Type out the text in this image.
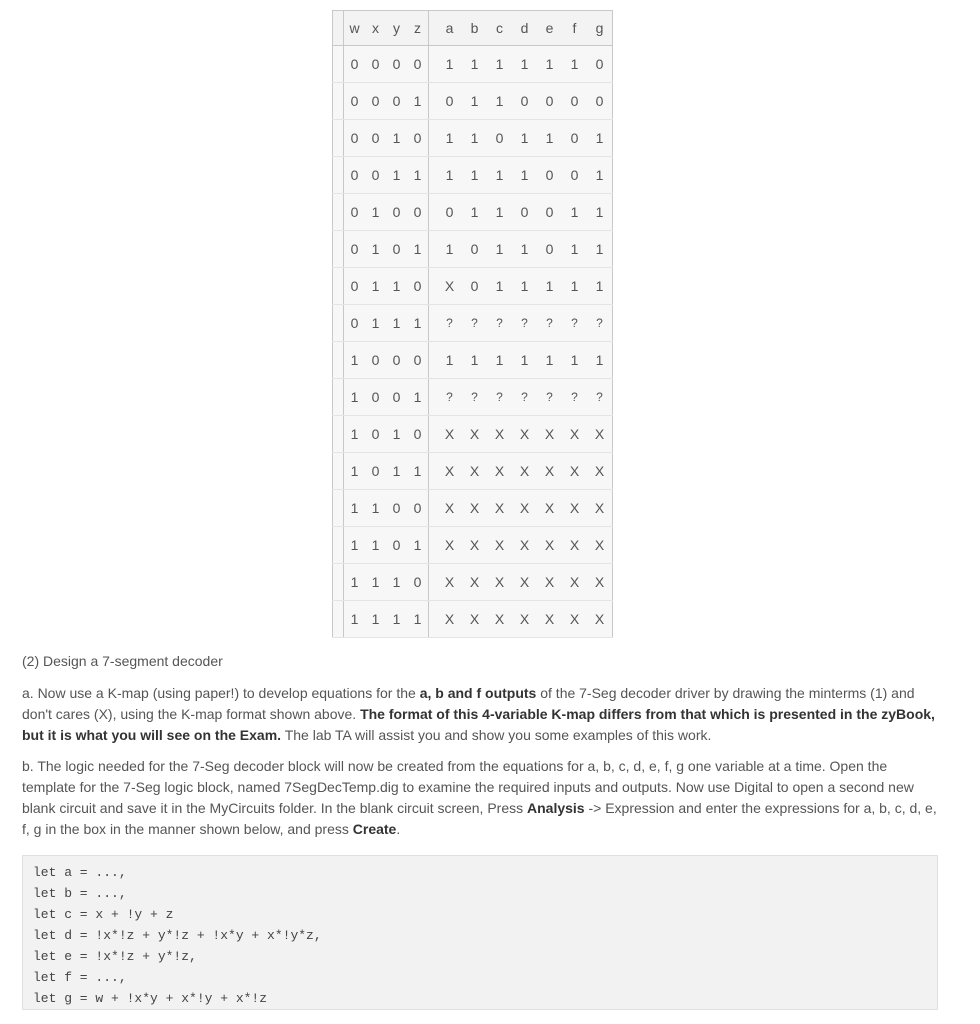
	w	x	y	z		a	b	c	d	e	f	g
	0	0	0	0		1	1	1	1	1	1	0
	0	0	0	1		0	1	1	0	0	0	0
	0	0	1	0		1	1	0	1	1	0	1
	0	0	1	1		1	1	1	1	0	0	1
	0	1	0	0		0	1	1	0	0	1	1
	0	1	0	1		1	0	1	1	0	1	1
	0	1	1	0		X	0	1	1	1	1	1
	0	1	1	1		?	?	?	?	?	?	?
	1	0	0	0		1	1	1	1	1	1	1
	1	0	0	1		?	?	?	?	?	?	?
	1	0	1	0		X	X	X	X	X	X	X
	1	0	1	1		X	X	X	X	X	X	X
	1	1	0	0		X	X	X	X	X	X	X
	1	1	0	1		X	X	X	X	X	X	X
	1	1	1	0		X	X	X	X	X	X	X
	1	1	1	1		X	X	X	X	X	X	X
(2) Design a 7-segment decoder

a. Now use a K-map (using paper!) to develop equations for the a, b and f outputs of the 7-Seg decoder driver by drawing the minterms (1) and don't cares (X), using the K-map format shown above. The format of this 4-variable K-map differs from that which is presented in the zyBook, but it is what you will see on the Exam. The lab TA will assist you and show you some examples of this work.

b. The logic needed for the 7-Seg decoder block will now be created from the equations for a, b, c, d, e, f, g one variable at a time. Open the template for the 7-Seg logic block, named 7SegDecTemp.dig to examine the required inputs and outputs. Now use Digital to open a second new blank circuit and save it in the MyCircuits folder. In the blank circuit screen, Press Analysis -> Expression and enter the expressions for a, b, c, d, e, f, g in the box in the manner shown below, and press Create.

let a = ...,
let b = ...,
let c = x + !y + z
let d = !x*!z + y*!z + !x*y + x*!y*z,
let e = !x*!z + y*!z,
let f = ...,
let g = w + !x*y + x*!y + x*!z
